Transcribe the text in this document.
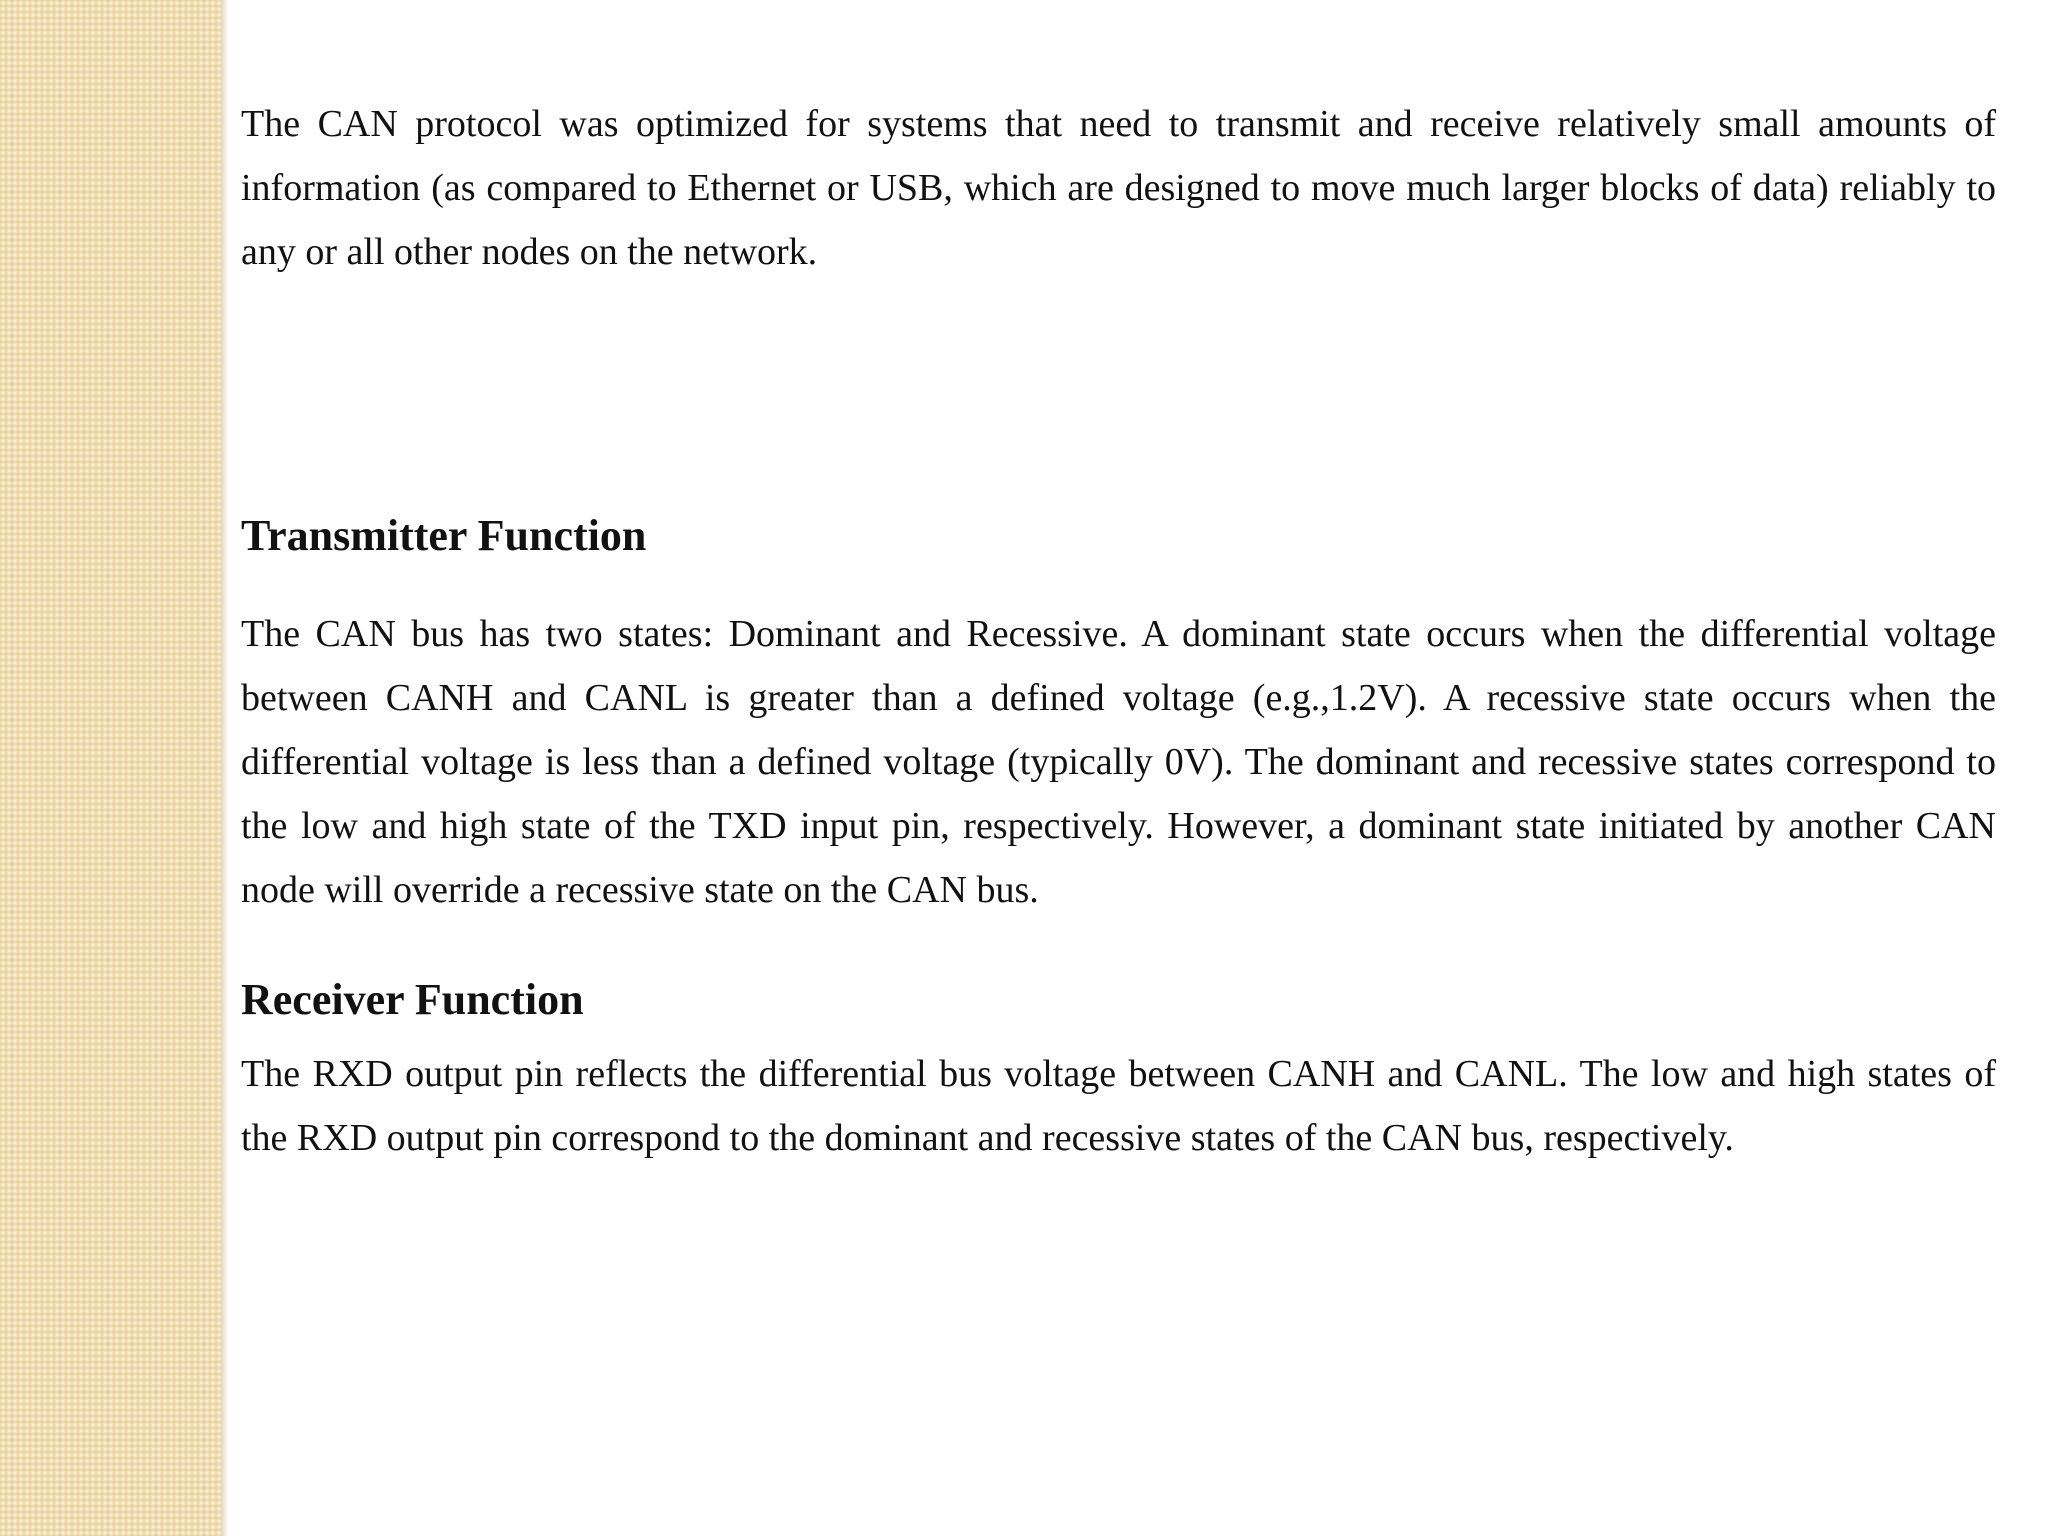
The CAN protocol was optimized for systems that need to transmit and receive relatively small amounts of information (as compared to Ethernet or USB, which are designed to move much larger blocks of data) reliably to any or all other nodes on the network.

Transmitter Function

The CAN bus has two states: Dominant and Recessive. A dominant state occurs when the differential voltage between CANH and CANL is greater than a defined voltage (e.g.,1.2V). A recessive state occurs when the differential voltage is less than a defined voltage (typically 0V). The dominant and recessive states correspond to the low and high state of the TXD input pin, respectively. However, a dominant state initiated by another CAN node will override a recessive state on the CAN bus.

Receiver Function

The RXD output pin reflects the differential bus voltage between CANH and CANL. The low and high states of the RXD output pin correspond to the dominant and recessive states of the CAN bus, respectively.
